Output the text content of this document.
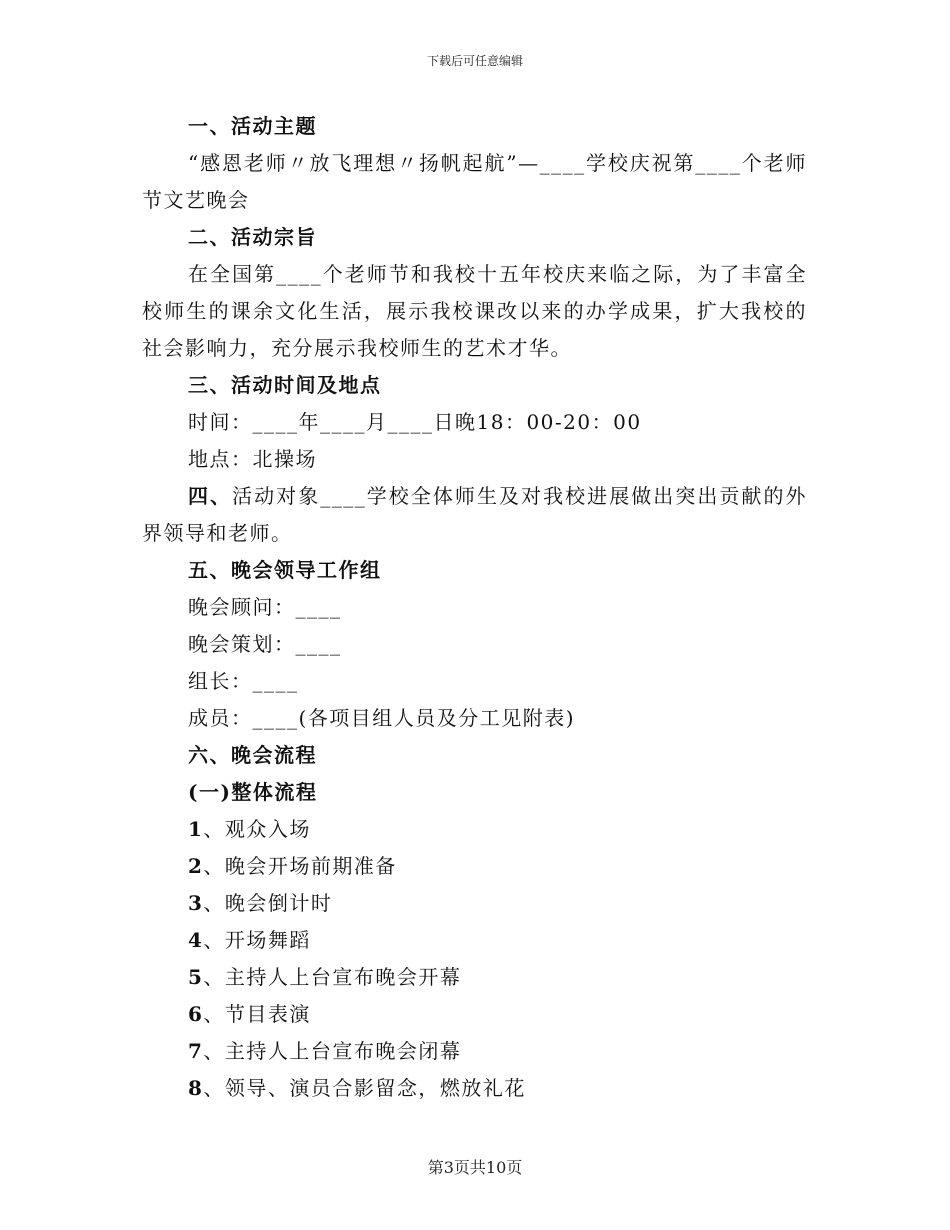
下载后可任意编辑
一、活动主题
“感恩老师〃放飞理想〃扬帆起航”—____学校庆祝第____个老师节文艺晚会
二、活动宗旨
在全国第____个老师节和我校十五年校庆来临之际，为了丰富全校师生的课余文化生活，展示我校课改以来的办学成果，扩大我校的社会影响力，充分展示我校师生的艺术才华。
三、活动时间及地点
时间：____年____月____日晚18：00-20：00
地点：北操场
四、活动对象____学校全体师生及对我校进展做出突出贡献的外界领导和老师。
五、晚会领导工作组
晚会顾问：____
晚会策划：____
组长：____
成员：____(各项目组人员及分工见附表)
六、晚会流程
(一)整体流程
1、观众入场
2、晚会开场前期准备
3、晚会倒计时
4、开场舞蹈
5、主持人上台宣布晚会开幕
6、节目表演
7、主持人上台宣布晚会闭幕
8、领导、演员合影留念，燃放礼花
第3页共10页
